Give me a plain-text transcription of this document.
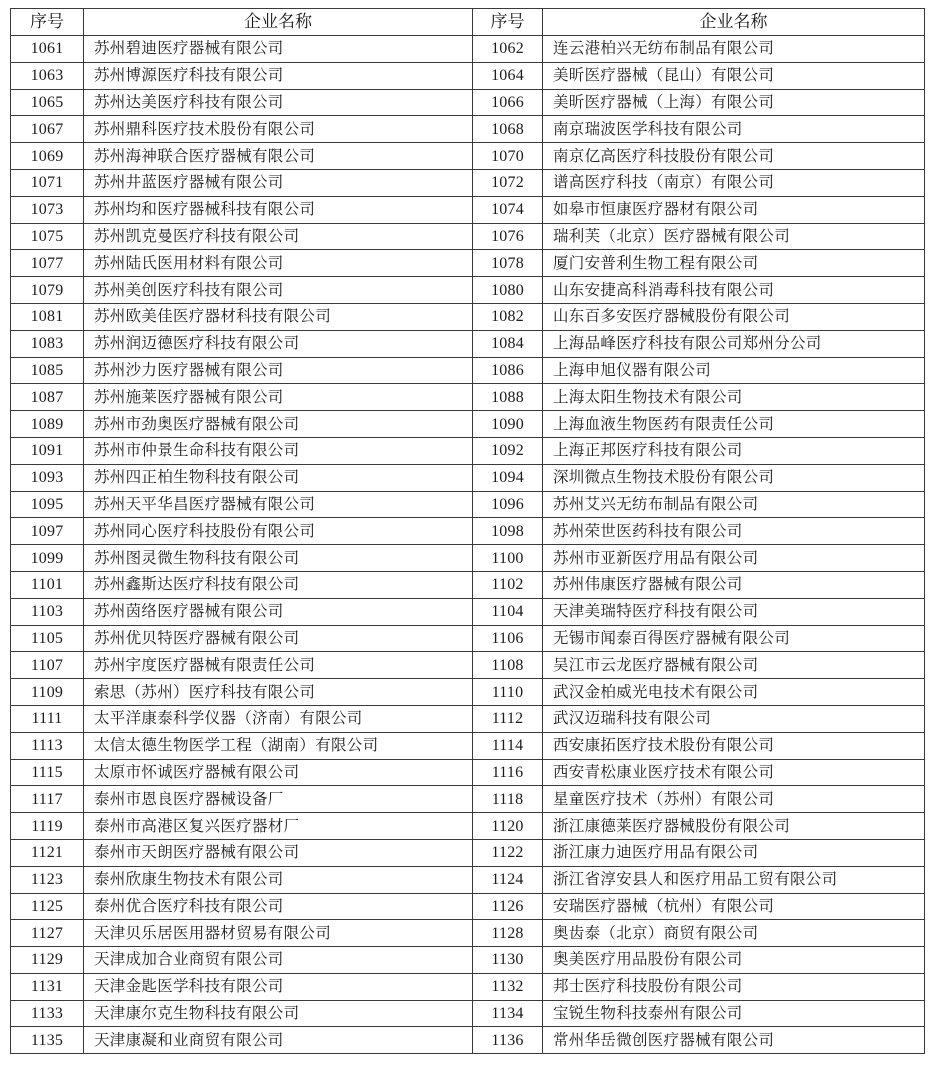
序号	企业名称	序号	企业名称
1061	苏州碧迪医疗器械有限公司	1062	连云港柏兴无纺布制品有限公司
1063	苏州博源医疗科技有限公司	1064	美昕医疗器械（昆山）有限公司
1065	苏州达美医疗科技有限公司	1066	美昕医疗器械（上海）有限公司
1067	苏州鼎科医疗技术股份有限公司	1068	南京瑞波医学科技有限公司
1069	苏州海神联合医疗器械有限公司	1070	南京亿高医疗科技股份有限公司
1071	苏州井蓝医疗器械有限公司	1072	谱高医疗科技（南京）有限公司
1073	苏州均和医疗器械科技有限公司	1074	如皋市恒康医疗器材有限公司
1075	苏州凯克曼医疗科技有限公司	1076	瑞利芙（北京）医疗器械有限公司
1077	苏州陆氏医用材料有限公司	1078	厦门安普利生物工程有限公司
1079	苏州美创医疗科技有限公司	1080	山东安捷高科消毒科技有限公司
1081	苏州欧美佳医疗器材科技有限公司	1082	山东百多安医疗器械股份有限公司
1083	苏州润迈德医疗科技有限公司	1084	上海品峰医疗科技有限公司郑州分公司
1085	苏州沙力医疗器械有限公司	1086	上海申旭仪器有限公司
1087	苏州施莱医疗器械有限公司	1088	上海太阳生物技术有限公司
1089	苏州市劲奥医疗器械有限公司	1090	上海血液生物医药有限责任公司
1091	苏州市仲景生命科技有限公司	1092	上海正邦医疗科技有限公司
1093	苏州四正柏生物科技有限公司	1094	深圳微点生物技术股份有限公司
1095	苏州天平华昌医疗器械有限公司	1096	苏州艾兴无纺布制品有限公司
1097	苏州同心医疗科技股份有限公司	1098	苏州荣世医药科技有限公司
1099	苏州图灵微生物科技有限公司	1100	苏州市亚新医疗用品有限公司
1101	苏州鑫斯达医疗科技有限公司	1102	苏州伟康医疗器械有限公司
1103	苏州茵络医疗器械有限公司	1104	天津美瑞特医疗科技有限公司
1105	苏州优贝特医疗器械有限公司	1106	无锡市闻泰百得医疗器械有限公司
1107	苏州宇度医疗器械有限责任公司	1108	吴江市云龙医疗器械有限公司
1109	索思（苏州）医疗科技有限公司	1110	武汉金柏威光电技术有限公司
1111	太平洋康泰科学仪器（济南）有限公司	1112	武汉迈瑞科技有限公司
1113	太信太德生物医学工程（湖南）有限公司	1114	西安康拓医疗技术股份有限公司
1115	太原市怀诚医疗器械有限公司	1116	西安青松康业医疗技术有限公司
1117	泰州市恩良医疗器械设备厂	1118	星童医疗技术（苏州）有限公司
1119	泰州市高港区复兴医疗器材厂	1120	浙江康德莱医疗器械股份有限公司
1121	泰州市天朗医疗器械有限公司	1122	浙江康力迪医疗用品有限公司
1123	泰州欣康生物技术有限公司	1124	浙江省淳安县人和医疗用品工贸有限公司
1125	泰州优合医疗科技有限公司	1126	安瑞医疗器械（杭州）有限公司
1127	天津贝乐居医用器材贸易有限公司	1128	奥齿泰（北京）商贸有限公司
1129	天津成加合业商贸有限公司	1130	奥美医疗用品股份有限公司
1131	天津金匙医学科技有限公司	1132	邦士医疗科技股份有限公司
1133	天津康尔克生物科技有限公司	1134	宝锐生物科技泰州有限公司
1135	天津康凝和业商贸有限公司	1136	常州华岳微创医疗器械有限公司
